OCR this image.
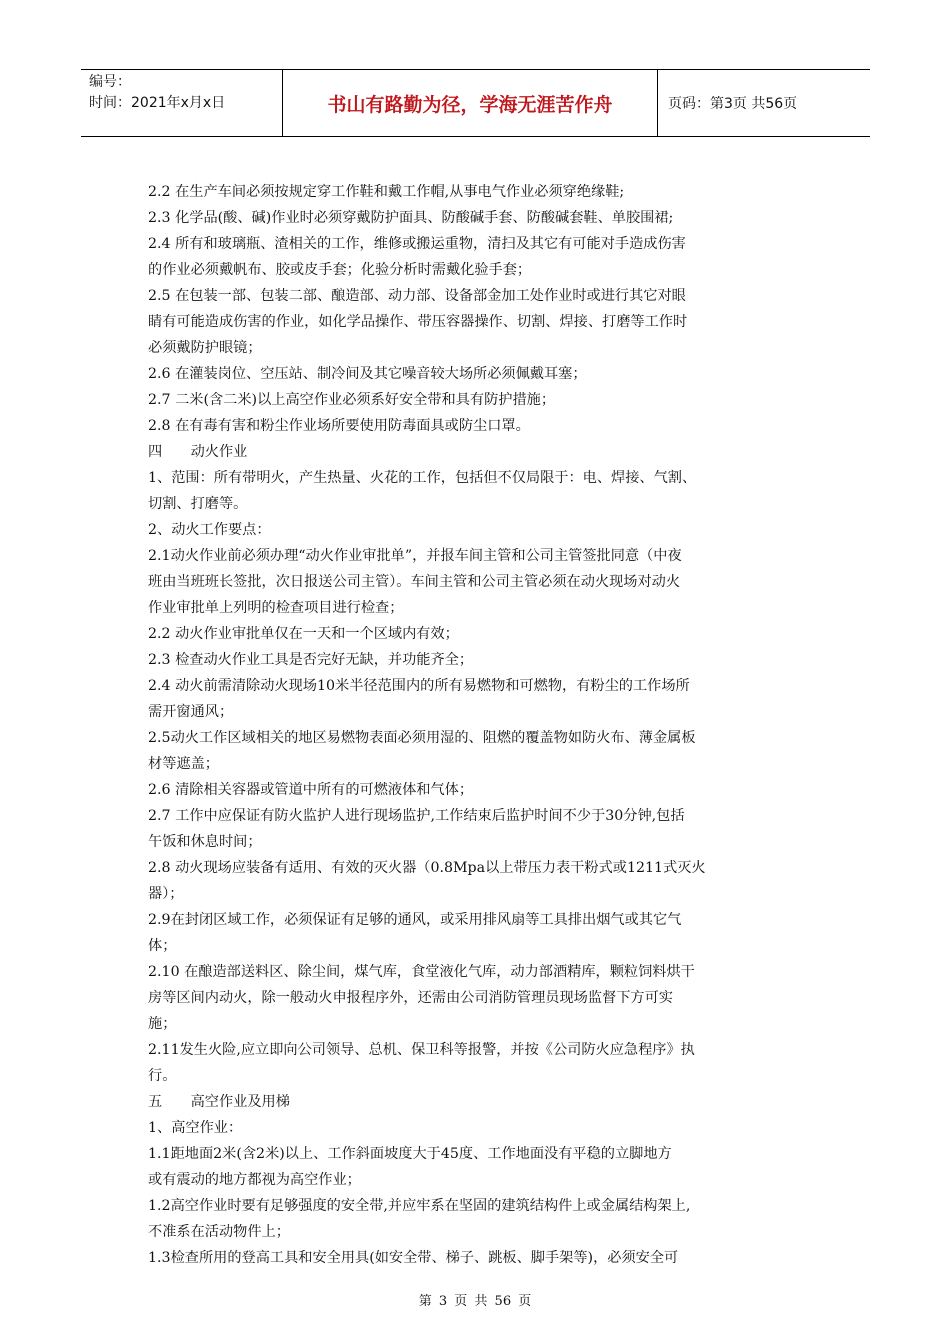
编号：
时间：2021年x月x日	书山有路勤为径，学海无涯苦作舟	页码：第3页 共56页

2.2 在生产车间必须按规定穿工作鞋和戴工作帽,从事电气作业必须穿绝缘鞋;

2.3 化学品(酸、碱)作业时必须穿戴防护面具、防酸碱手套、防酸碱套鞋、单胶围裙;

2.4 所有和玻璃瓶、渣相关的工作，维修或搬运重物，清扫及其它有可能对手造成伤害

的作业必须戴帆布、胶或皮手套；化验分析时需戴化验手套；

2.5 在包装一部、包装二部、酿造部、动力部、设备部金加工处作业时或进行其它对眼

睛有可能造成伤害的作业，如化学品操作、带压容器操作、切割、焊接、打磨等工作时

必须戴防护眼镜；

2.6 在灌装岗位、空压站、制冷间及其它噪音较大场所必须佩戴耳塞；

2.7 二米(含二米)以上高空作业必须系好安全带和具有防护措施；

2.8 在有毒有害和粉尘作业场所要使用防毒面具或防尘口罩。

四　　动火作业

1、范围：所有带明火，产生热量、火花的工作，包括但不仅局限于：电、焊接、气割、

切割、打磨等。

2、动火工作要点：

2.1动火作业前必须办理“动火作业审批单”，并报车间主管和公司主管签批同意（中夜

班由当班班长签批，次日报送公司主管）。车间主管和公司主管必须在动火现场对动火

作业审批单上列明的检查项目进行检查；

2.2 动火作业审批单仅在一天和一个区域内有效；

2.3 检查动火作业工具是否完好无缺，并功能齐全；

2.4 动火前需清除动火现场10米半径范围内的所有易燃物和可燃物，有粉尘的工作场所

需开窗通风；

2.5动火工作区域相关的地区易燃物表面必须用湿的、阻燃的覆盖物如防火布、薄金属板

材等遮盖；

2.6 清除相关容器或管道中所有的可燃液体和气体；

2.7 工作中应保证有防火监护人进行现场监护,工作结束后监护时间不少于30分钟,包括

午饭和休息时间；

2.8 动火现场应装备有适用、有效的灭火器（0.8Mpa以上带压力表干粉式或1211式灭火

器）；

2.9在封闭区域工作，必须保证有足够的通风，或采用排风扇等工具排出烟气或其它气

体；

2.10 在酿造部送料区、除尘间，煤气库，食堂液化气库，动力部酒精库，颗粒饲料烘干

房等区间内动火，除一般动火申报程序外，还需由公司消防管理员现场监督下方可实

施；

2.11发生火险,应立即向公司领导、总机、保卫科等报警，并按《公司防火应急程序》执

行。

五　　高空作业及用梯

1、高空作业：

1.1距地面2米(含2米)以上、工作斜面坡度大于45度、工作地面没有平稳的立脚地方

或有震动的地方都视为高空作业；

1.2高空作业时要有足够强度的安全带,并应牢系在坚固的建筑结构件上或金属结构架上,

不准系在活动物件上；

1.3检查所用的登高工具和安全用具(如安全带、梯子、跳板、脚手架等)，必须安全可

第 3 页 共 56 页
